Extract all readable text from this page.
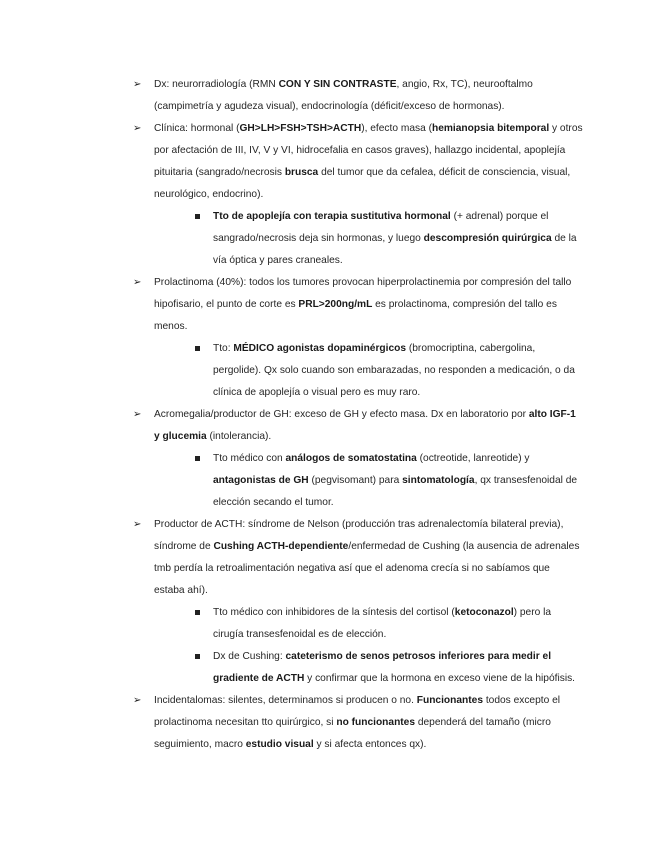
➢	Dx: neurorradiología (RMN CON Y SIN CONTRASTE, angio, Rx, TC), neurooftalmo (campimetría y agudeza visual), endocrinología (déficit/exceso de hormonas).
➢	Clínica: hormonal (GH>LH>FSH>TSH>ACTH), efecto masa (hemianopsia bitemporal y otros por afectación de III, IV, V y VI, hidrocefalia en casos graves), hallazgo incidental, apoplejía pituitaria (sangrado/necrosis brusca del tumor que da cefalea, déficit de consciencia, visual, neurológico, endocrino).
Tto de apoplejía con terapia sustitutiva hormonal (+ adrenal) porque el sangrado/necrosis deja sin hormonas, y luego descompresión quirúrgica de la vía óptica y pares craneales.
➢	Prolactinoma (40%): todos los tumores provocan hiperprolactinemia por compresión del tallo hipofisario, el punto de corte es PRL>200ng/mL es prolactinoma, compresión del tallo es menos.
Tto: MÉDICO agonistas dopaminérgicos (bromocriptina, cabergolina, pergolide). Qx solo cuando son embarazadas, no responden a medicación, o da clínica de apoplejía o visual pero es muy raro.
➢	Acromegalia/productor de GH: exceso de GH y efecto masa. Dx en laboratorio por alto IGF-1 y glucemia (intolerancia).
Tto médico con análogos de somatostatina (octreotide, lanreotide) y antagonistas de GH (pegvisomant) para sintomatología, qx transesfenoidal de elección secando el tumor.
➢	Productor de ACTH: síndrome de Nelson (producción tras adrenalectomía bilateral previa), síndrome de Cushing ACTH-dependiente/enfermedad de Cushing (la ausencia de adrenales tmb perdía la retroalimentación negativa así que el adenoma crecía si no sabíamos que estaba ahí).
Tto médico con inhibidores de la síntesis del cortisol (ketoconazol) pero la cirugía transesfenoidal es de elección.
Dx de Cushing: cateterismo de senos petrosos inferiores para medir el gradiente de ACTH y confirmar que la hormona en exceso viene de la hipófisis.
➢	Incidentalomas: silentes, determinamos si producen o no. Funcionantes todos excepto el prolactinoma necesitan tto quirúrgico, si no funcionantes dependerá del tamaño (micro seguimiento, macro estudio visual y si afecta entonces qx).
